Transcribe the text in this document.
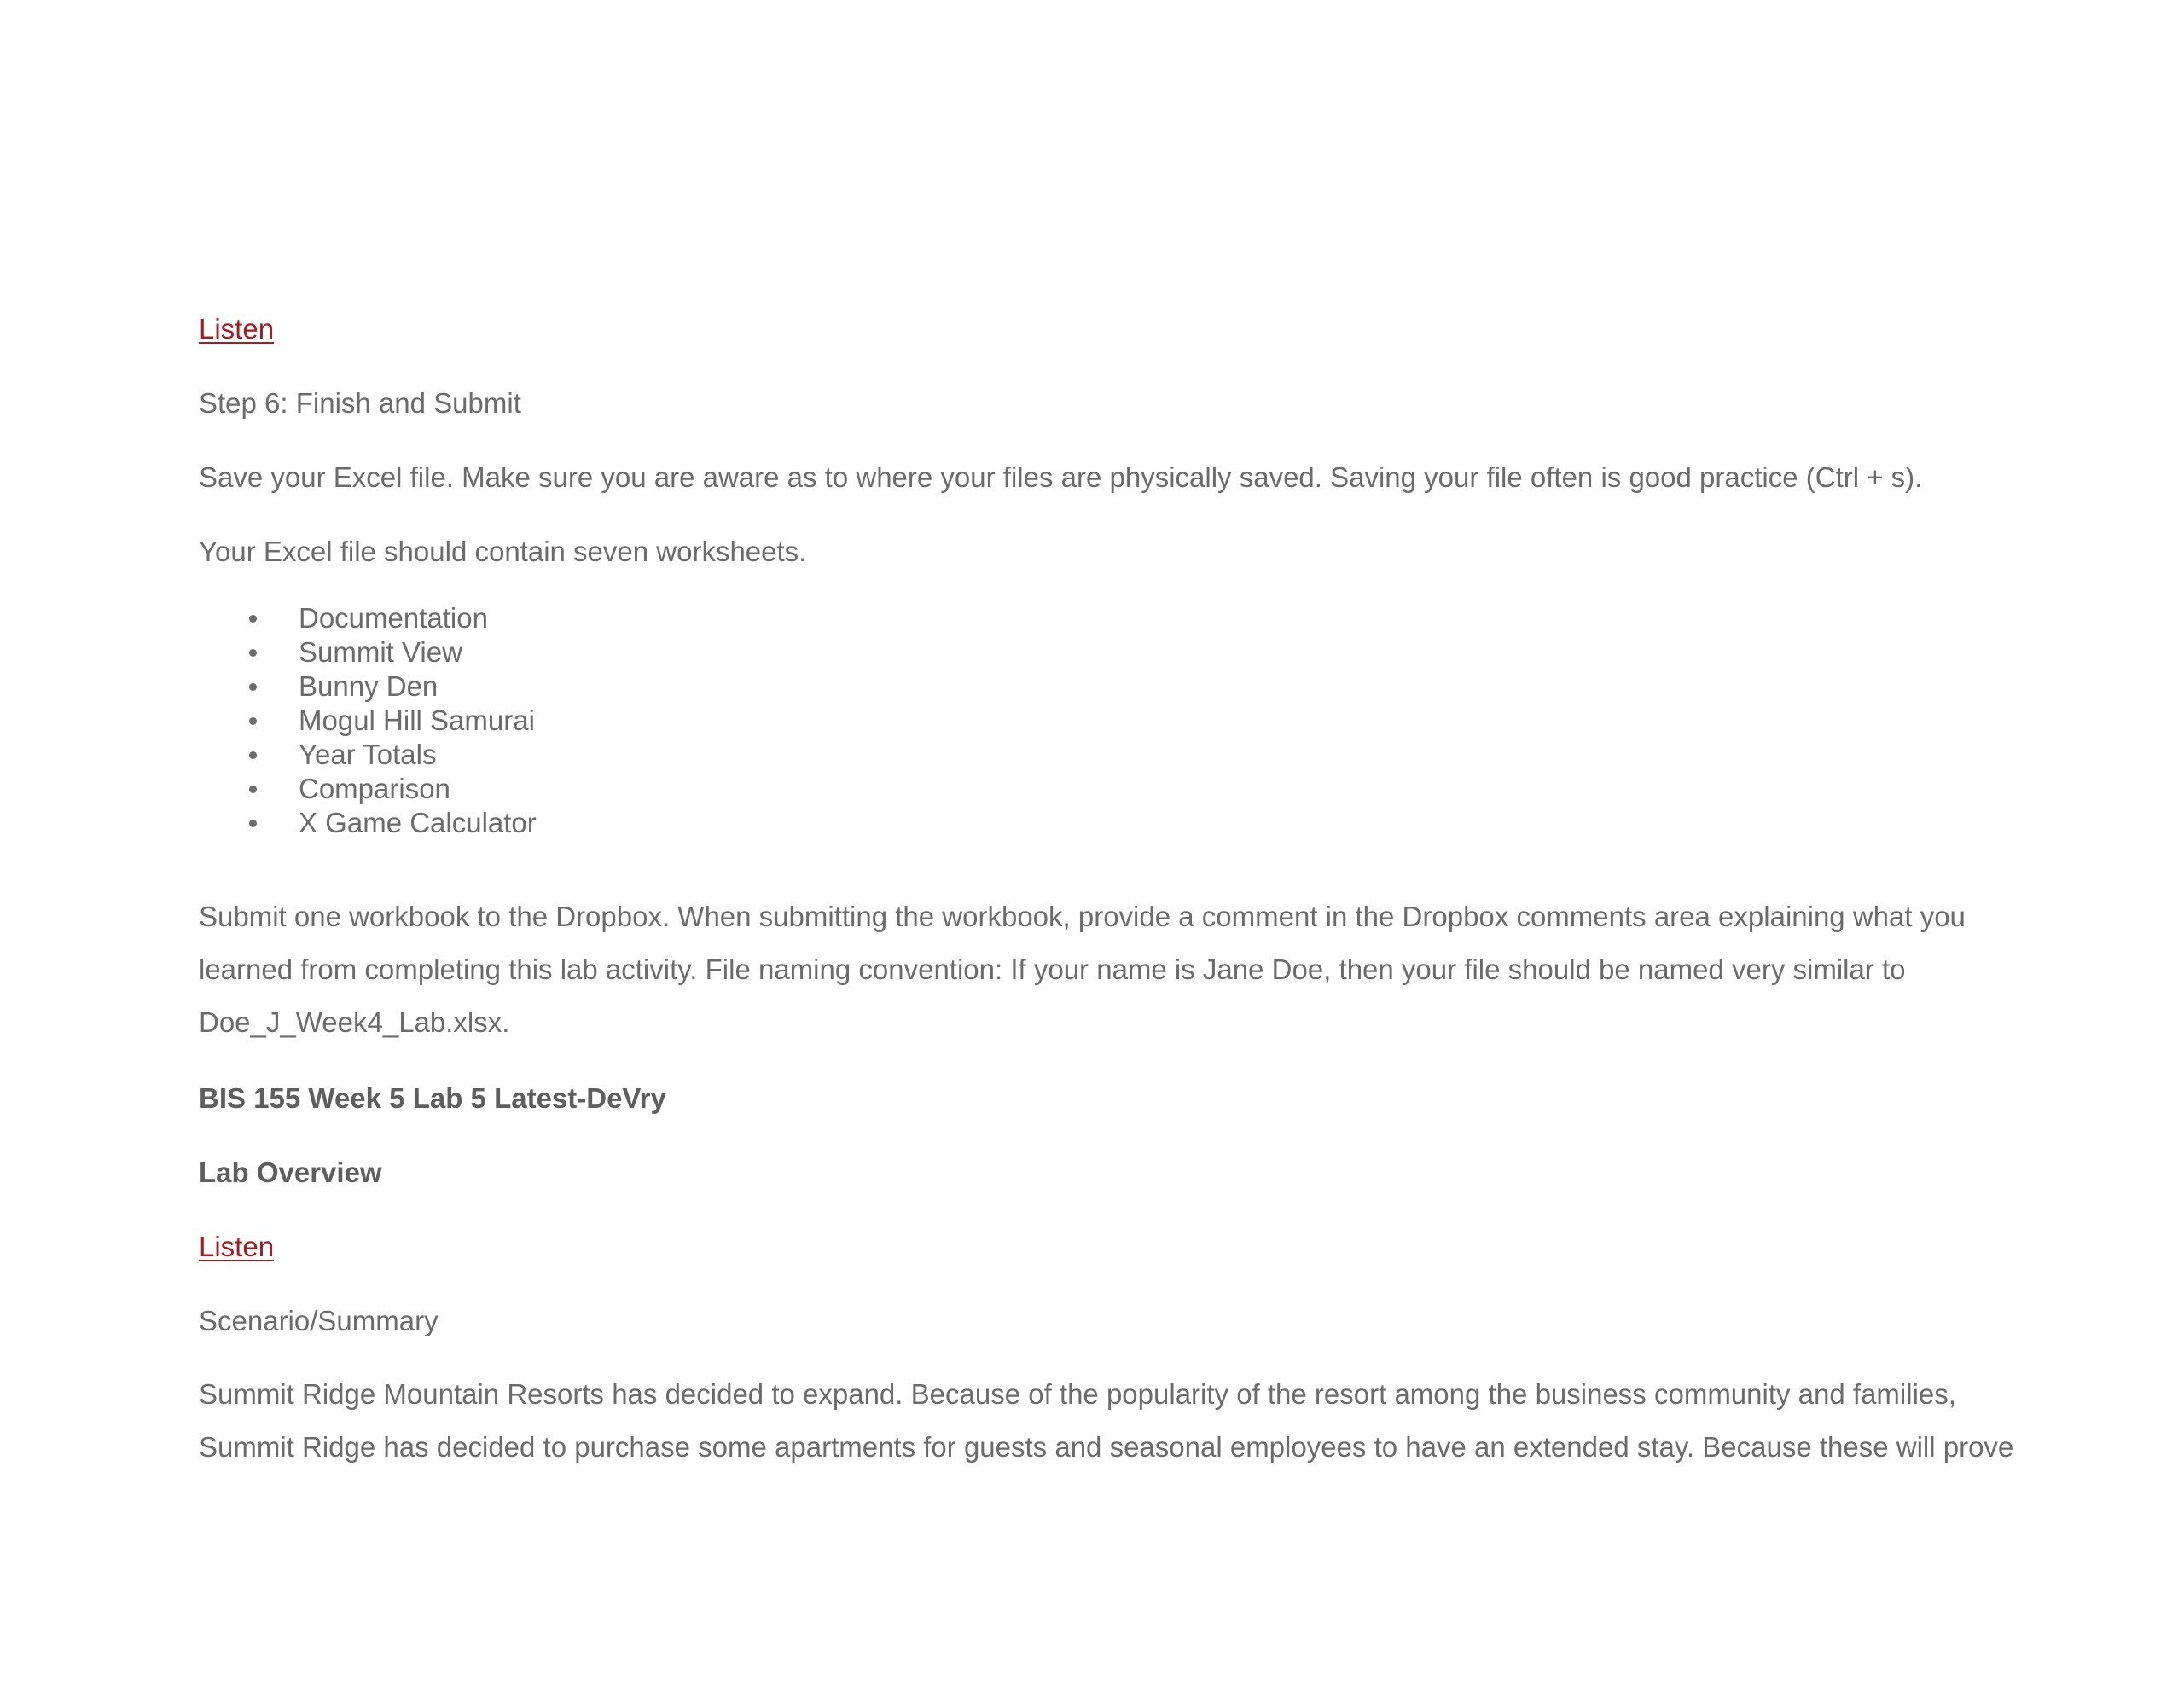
Listen
Step 6: Finish and Submit
Save your Excel file. Make sure you are aware as to where your files are physically saved. Saving your file often is good practice (Ctrl + s).
Your Excel file should contain seven worksheets.
Documentation
Summit View
Bunny Den
Mogul Hill Samurai
Year Totals
Comparison
X Game Calculator
Submit one workbook to the Dropbox. When submitting the workbook, provide a comment in the Dropbox comments area explaining what you
learned from completing this lab activity. File naming convention: If your name is Jane Doe, then your file should be named very similar to
Doe_J_Week4_Lab.xlsx.
BIS 155 Week 5 Lab 5 Latest-DeVry
Lab Overview
Listen
Scenario/Summary
Summit Ridge Mountain Resorts has decided to expand. Because of the popularity of the resort among the business community and families,
Summit Ridge has decided to purchase some apartments for guests and seasonal employees to have an extended stay. Because these will prove
